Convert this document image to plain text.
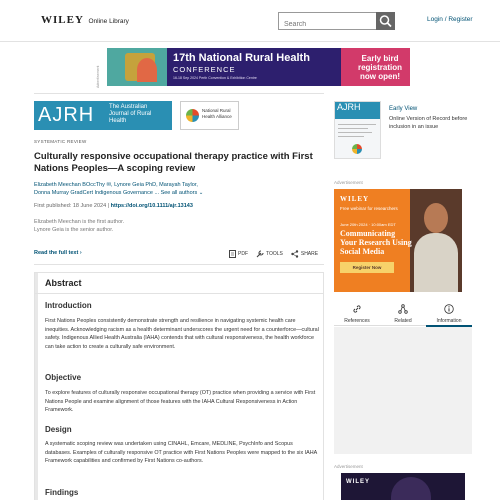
WILEY Online Library
Search	Login / Register
Advertisement
17th National Rural Health
CONFERENCE
16-18 Sep 2024 Perth Convention & Exhibition Centre
Early bird registration now open!
AJRH The Australian Journal of Rural Health
National Rural Health Alliance
SYSTEMATIC REVIEW
Culturally responsive occupational therapy practice with First Nations Peoples—A scoping review
Elizabeth Meechan BOccThy ✉, Lynore Geia PhD, Marayah Taylor,
Donna Murray GradCert Indigenous Governance ... See all authors ⌄
First published: 18 June 2024 | https://doi.org/10.1111/ajr.13143
Elizabeth Meechan is the first author.
Lynore Geia is the senior author.
Read the full text ›	PDF	TOOLS	SHARE
Abstract
Introduction

First Nations Peoples consistently demonstrate strength and resilience in navigating systemic health care inequities. Acknowledging racism as a health determinant underscores the urgent need for a counterforce—cultural safety. Indigenous Allied Health Australia (IAHA) contends that with cultural responsiveness, the health workforce can take action to create a culturally safe environment.

Objective

To explore features of culturally responsive occupational therapy (OT) practice when providing a service with First Nations People and examine alignment of those features with the IAHA Cultural Responsiveness in Action Framework.

Design

A systematic scoping review was undertaken using CINAHL, Emcare, MEDLINE, PsychInfo and Scopus databases. Examples of culturally responsive OT practice with First Nations Peoples were mapped to the six IAHA Framework capabilities and confirmed by First Nations co-authors.

Findings
AJRH	Early View
Online Version of Record before inclusion in an issue
Advertisement
WILEY
Free webinar for researchers
June 20th 2024 · 10:00am EDT
Communicating Your Research Using Social Media
Register Now
References	Related	Information
Advertisement
WILEY
